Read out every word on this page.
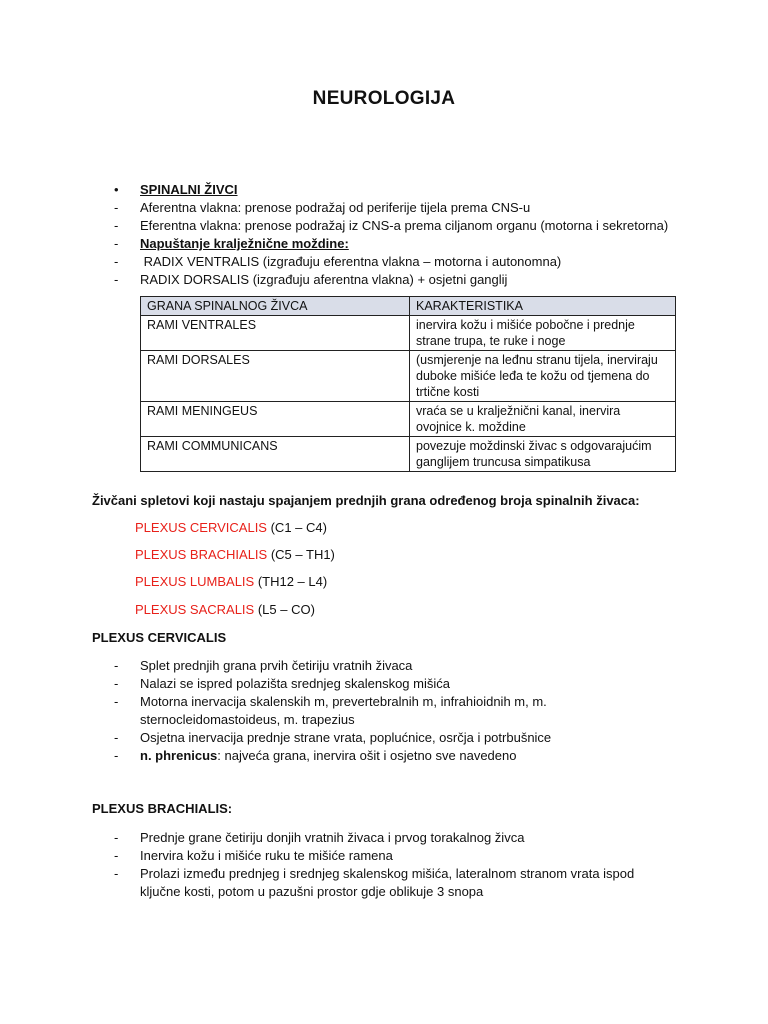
NEUROLOGIJA
•	SPINALNI ŽIVCI
-	Aferentna vlakna: prenose podražaj od periferije tijela prema CNS-u
-	Eferentna vlakna: prenose podražaj iz CNS-a prema ciljanom organu (motorna i sekretorna)
-	Napuštanje kralježnične moždine:
-	RADIX VENTRALIS (izgrađuju eferentna vlakna – motorna i autonomna)
-	RADIX DORSALIS (izgrađuju aferentna vlakna) + osjetni ganglij
GRANA SPINALNOG ŽIVCA	KARAKTERISTIKA
RAMI VENTRALES	inervira kožu i mišiće pobočne i prednje strane trupa, te ruke i noge
RAMI DORSALES	(usmjerenje na leđnu stranu tijela, inerviraju duboke mišiće leđa te kožu od tjemena do trtične kosti
RAMI MENINGEUS	vraća se u kralježnični kanal, inervira ovojnice k. moždine
RAMI COMMUNICANS	povezuje moždinski živac s odgovarajućim ganglijem truncusa simpatikusa
Živčani spletovi koji nastaju spajanjem prednjih grana određenog broja spinalnih živaca:
PLEXUS CERVICALIS (C1 – C4)
PLEXUS BRACHIALIS (C5 – TH1)
PLEXUS LUMBALIS (TH12 – L4)
PLEXUS SACRALIS (L5 – CO)
PLEXUS CERVICALIS
-	Splet prednjih grana prvih četiriju vratnih živaca
-	Nalazi se ispred polazišta srednjeg skalenskog mišića
-	Motorna inervacija skalenskih m, prevertebralnih m, infrahioidnih m, m. sternocleidomastoideus, m. trapezius
-	Osjetna inervacija prednje strane vrata, poplućnice, osrčja i potrbušnice
-	n. phrenicus: najveća grana, inervira ošit i osjetno sve navedeno
PLEXUS BRACHIALIS:
-	Prednje grane četiriju donjih vratnih živaca i prvog torakalnog živca
-	Inervira kožu i mišiće ruku te mišiće ramena
-	Prolazi između prednjeg i srednjeg skalenskog mišića, lateralnom stranom vrata ispod ključne kosti, potom u pazušni prostor gdje oblikuje 3 snopa
